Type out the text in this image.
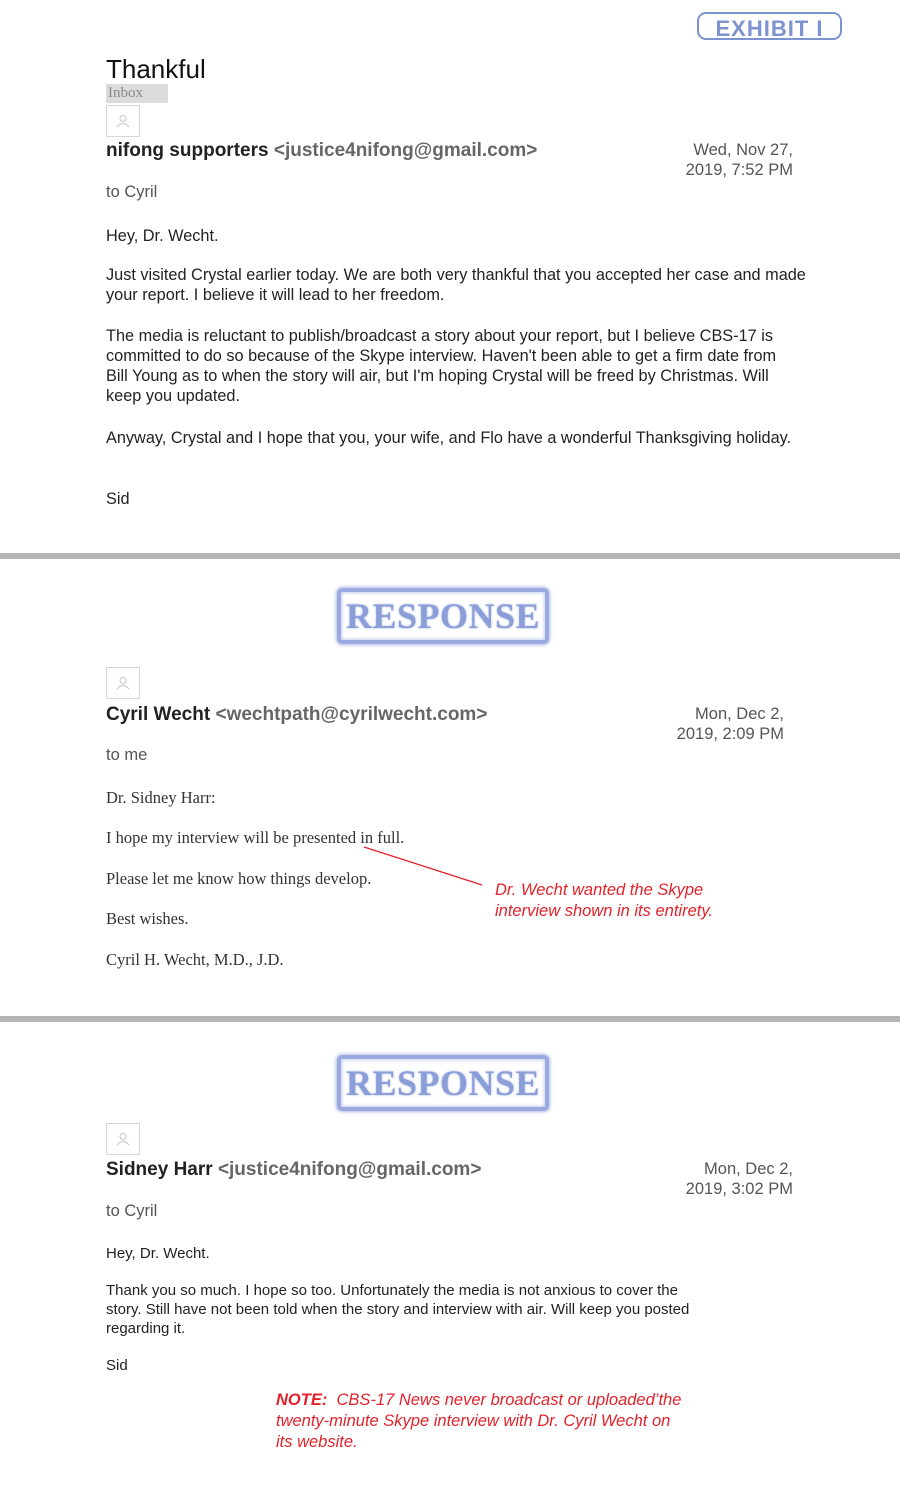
EXHIBIT I
Thankful
Inbox
nifong supporters <justice4nifong@gmail.com>	Wed, Nov 27,
2019, 7:52 PM
to Cyril
Hey, Dr. Wecht.
Just visited Crystal earlier today. We are both very thankful that you accepted her case and made your report. I believe it will lead to her freedom.
The media is reluctant to publish/broadcast a story about your report, but I believe CBS-17 is committed to do so because of the Skype interview. Haven't been able to get a firm date from Bill Young as to when the story will air, but I'm hoping Crystal will be freed by Christmas. Will keep you updated.
Anyway, Crystal and I hope that you, your wife, and Flo have a wonderful Thanksgiving holiday.
Sid
RESPONSE
Cyril Wecht <wechtpath@cyrilwecht.com>	Mon, Dec 2,
2019, 2:09 PM
to me
Dr. Sidney Harr:
I hope my interview will be presented in full.
Please let me know how things develop.
Best wishes.
Cyril H. Wecht, M.D., J.D.
Dr. Wecht wanted the Skype
interview shown in its entirety.
RESPONSE
Sidney Harr <justice4nifong@gmail.com>	Mon, Dec 2,
2019, 3:02 PM
to Cyril
Hey, Dr. Wecht.
Thank you so much. I hope so too. Unfortunately the media is not anxious to cover the
story. Still have not been told when the story and interview with air. Will keep you posted
regarding it.
Sid
NOTE:  CBS-17 News never broadcast or uploaded’the
twenty-minute Skype interview with Dr. Cyril Wecht on
its website.
